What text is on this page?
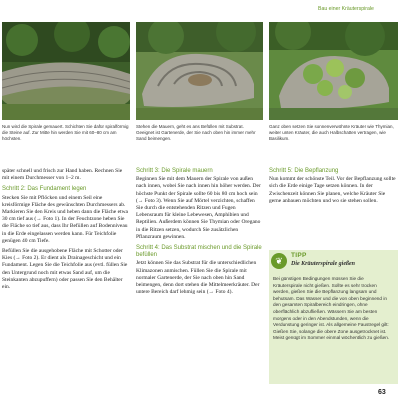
Bau einer Kräuterspirale
Nun wird die Spirale gemauert. Schichten Sie dafür spiralförmig die Steine auf. Zur Mitte hin werden Sie mit 60–80 cm am höchsten.
Stehen die Mauern, geht es ans Befüllen mit Substrat. Geeignet ist Gartenerde, der Sie nach oben hin immer mehr Sand beimengen.
Ganz oben setzen Sie sonnenverwöhnte Kräuter wie Thymian, weiter unten Kräuter, die auch Halbschatten vertragen, wie Basilikum.

später schnell und frisch zur Hand haben. Rechnen Sie mit einem Durchmesser von 1–2 m.

Schritt 2: Das Fundament legen

Stecken Sie mit Pflöcken und einem Seil eine kreisförmige Fläche des gewünschten Durchmessers ab. Markieren Sie den Kreis und heben dann die Fläche etwa 30 cm tief aus (→ Foto 1). In der Feuchtzone heben Sie die Fläche so tief aus, dass Ihr Befüllen auf Bodenniveau in die Erde eingelassen werden kann. Für Teichfolie genügen 40 cm Tiefe.

Befüllen Sie die ausgehobene Fläche mit Schotter oder Kies (→ Foto 2). Er dient als Drainageschicht und ein Fundament. Legen Sie die Teichfolie aus (evtl. füllen Sie den Untergrund noch mit etwas Sand auf, um die Steinkanten abzupuffern) oder passen Sie den Behälter ein.

Schritt 3: Die Spirale mauern

Beginnen Sie mit dem Mauern der Spirale von außen nach innen, wobei Sie nach innen hin höher werden. Der höchste Punkt der Spirale sollte 60 bis 80 cm hoch sein (→ Foto 3). Wenn Sie auf Mörtel verzichten, schaffen Sie durch die entstehenden Ritzen und Fugen Lebensraum für kleine Lebewesen, Amphibien und Reptilien. Außerdem können Sie Thymian oder Oregano in die Ritzen setzen, wodurch Sie zusätzlichen Pflanzraum gewinnen.

Schritt 4: Das Substrat mischen und die Spirale befüllen

Jetzt können Sie das Substrat für die unterschiedlichen Klimazonen anmischen. Füllen Sie die Spirale mit normaler Gartenerde, der Sie nach oben hin Sand beimengen, denn dort stehen die Mittelmeerkräuter. Der untere Bereich darf lehmig sein (→ Foto 4).

Schritt 5: Die Bepflanzung

Nun kommt der schönste Teil. Vor der Bepflanzung sollte sich die Erde einige Tage setzen können. In der Zwischenzeit können Sie planen, welche Kräuter Sie gerne anbauen möchten und wo sie stehen sollen.

❦
TIPP
Die Kräuterspirale gießen
Bei günstigen Bedingungen müssen Sie die Kräuterspirale nicht gießen. Sollte es sehr trocken werden, gießen Sie die Bepflanzung langsam und behutsam. Das Wasser und die von oben beginnend in den gesamten Spiralbereich eindringen, ohne oberflächlich abzufließen. Wässern Sie am besten morgens oder in den Abendstunden, wenn die Verdunstung geringer ist. Als allgemeine Faustregel gilt: Gießen Sie, solange die obere Zone ausgetrocknet ist. Meist genügt im Sommer einmal wöchentlich zu gießen.
63
